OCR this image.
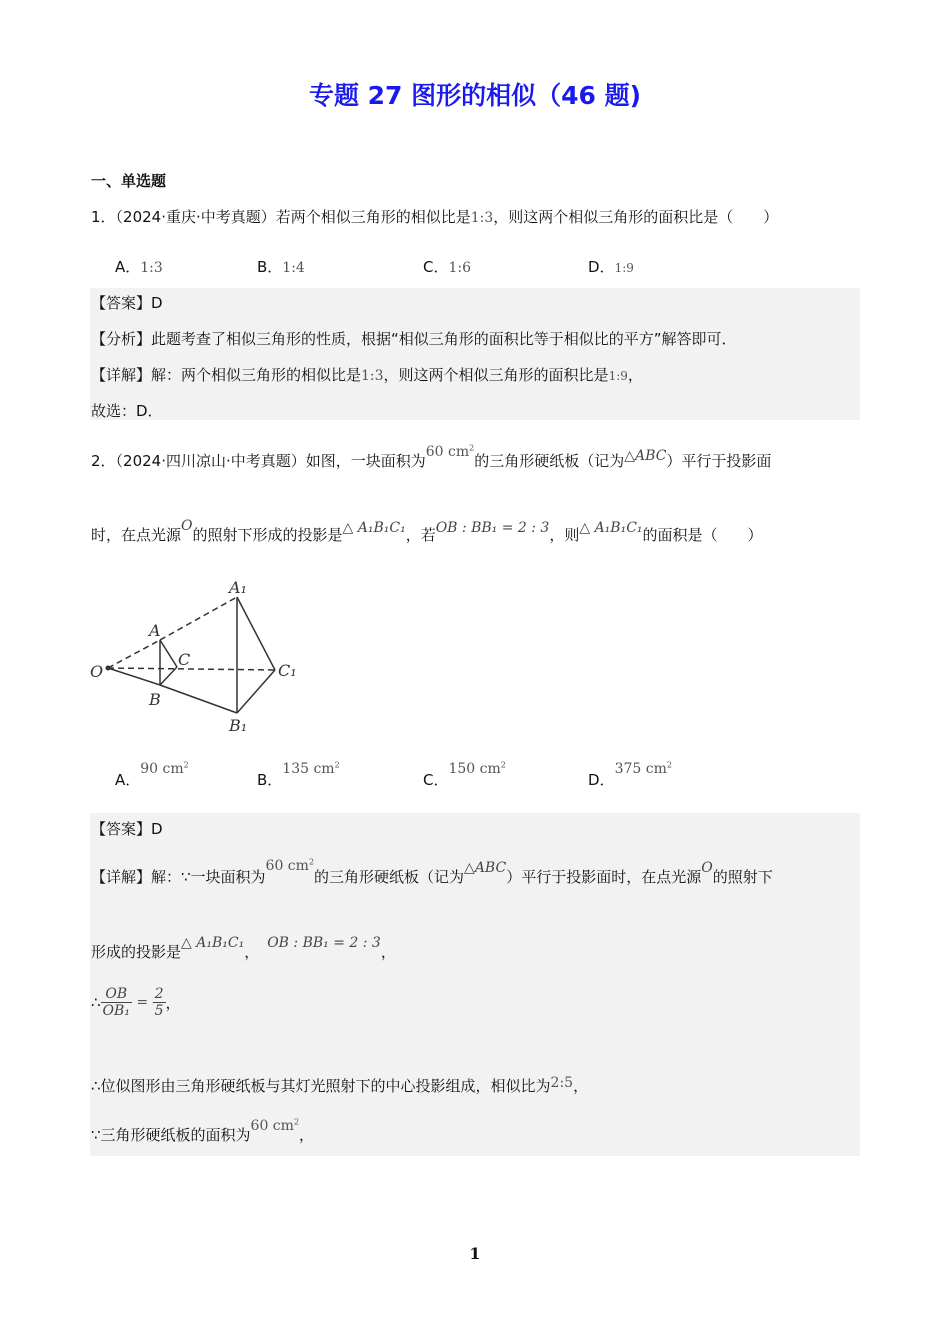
专题 27 图形的相似（46 题)
一、单选题
1．（2024·重庆·中考真题）若两个相似三角形的相似比是1:3，则这两个相似三角形的面积比是（　　）
A．1:3	B．1:4	C．1:6	D．1:9
【答案】D
【分析】此题考查了相似三角形的性质，根据“相似三角形的面积比等于相似比的平方”解答即可．
【详解】解：两个相似三角形的相似比是1:3，则这两个相似三角形的面积比是1:9，
故选：D．
2．（2024·四川凉山·中考真题）如图，一块面积为60 $cm^2$的三角形硬纸板（记为△ABC）平行于投影面
时，在点光源O的照射下形成的投影是△ A₁B₁C₁，若OB : BB₁ = 2 : 3，则△ A₁B₁C₁的面积是（　　）
A₁
A
C
C₁
O
B
B₁
A．90 $cm^2$
B．135 $cm^2$
C．150 $cm^2$
D．375 $cm^2$
【答案】D
【详解】解：∵一块面积为60 $cm^2$的三角形硬纸板（记为△ABC）平行于投影面时，在点光源O的照射下
形成的投影是△ A₁B₁C₁， OB : BB₁ = 2 : 3，
∴ $\frac{OB}{\text{OB₁}} = \frac{2}{5}$ ，
∴位似图形由三角形硬纸板与其灯光照射下的中心投影组成，相似比为2:5，
∵三角形硬纸板的面积为60 $cm^2$，
1
